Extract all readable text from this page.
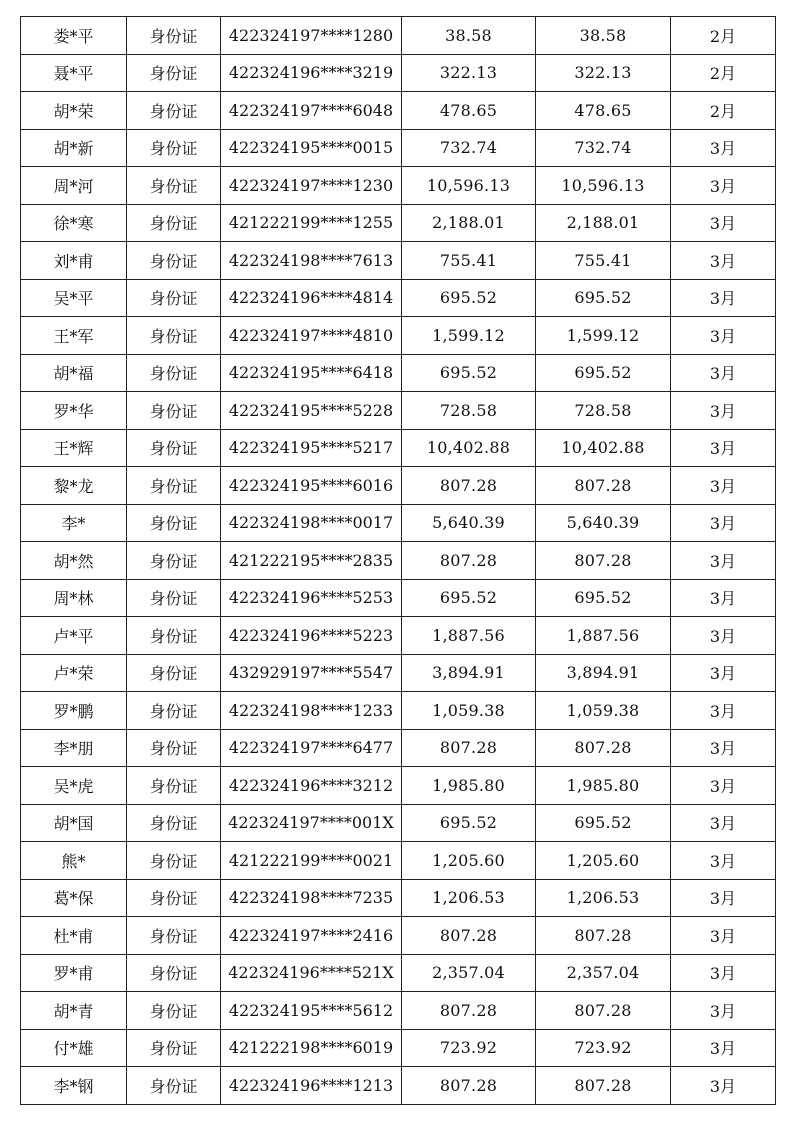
娄*平	身份证	422324197****1280	38.58	38.58	2月
聂*平	身份证	422324196****3219	322.13	322.13	2月
胡*荣	身份证	422324197****6048	478.65	478.65	2月
胡*新	身份证	422324195****0015	732.74	732.74	3月
周*河	身份证	422324197****1230	10,596.13	10,596.13	3月
徐*寒	身份证	421222199****1255	2,188.01	2,188.01	3月
刘*甫	身份证	422324198****7613	755.41	755.41	3月
吴*平	身份证	422324196****4814	695.52	695.52	3月
王*军	身份证	422324197****4810	1,599.12	1,599.12	3月
胡*福	身份证	422324195****6418	695.52	695.52	3月
罗*华	身份证	422324195****5228	728.58	728.58	3月
王*辉	身份证	422324195****5217	10,402.88	10,402.88	3月
黎*龙	身份证	422324195****6016	807.28	807.28	3月
李*	身份证	422324198****0017	5,640.39	5,640.39	3月
胡*然	身份证	421222195****2835	807.28	807.28	3月
周*林	身份证	422324196****5253	695.52	695.52	3月
卢*平	身份证	422324196****5223	1,887.56	1,887.56	3月
卢*荣	身份证	432929197****5547	3,894.91	3,894.91	3月
罗*鹏	身份证	422324198****1233	1,059.38	1,059.38	3月
李*朋	身份证	422324197****6477	807.28	807.28	3月
吴*虎	身份证	422324196****3212	1,985.80	1,985.80	3月
胡*国	身份证	422324197****001X	695.52	695.52	3月
熊*	身份证	421222199****0021	1,205.60	1,205.60	3月
葛*保	身份证	422324198****7235	1,206.53	1,206.53	3月
杜*甫	身份证	422324197****2416	807.28	807.28	3月
罗*甫	身份证	422324196****521X	2,357.04	2,357.04	3月
胡*青	身份证	422324195****5612	807.28	807.28	3月
付*雄	身份证	421222198****6019	723.92	723.92	3月
李*钢	身份证	422324196****1213	807.28	807.28	3月
